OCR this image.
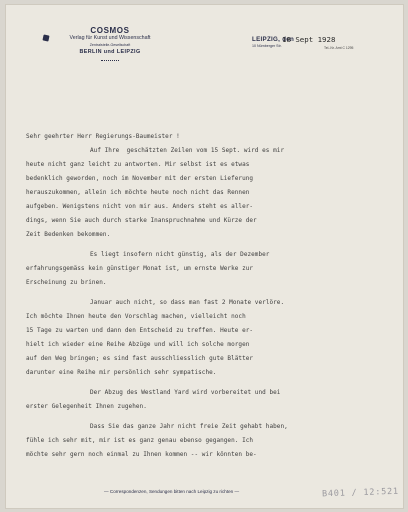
COSMOS
Verlag für Kunst und Wissenschaft
Zentralstelle-Gesellschaft
BERLIN und LEIPZIG
LEIPZIG, den
10 Nürnberger Str.
18 Sept 1928
Tel.-Nr. Amt C 1295

Sehr geehrter Herr Regierungs-Baumeister !

Auf Ihre  geschätzten Zeilen vom 15 Sept. wird es mir

heute nicht ganz leicht zu antworten. Mir selbst ist es etwas

bedenklich geworden, noch im November mit der ersten Lieferung

herauszukommen, allein ich möchte heute noch nicht das Rennen

aufgeben. Wenigstens nicht von mir aus. Anders steht es aller-

dings, wenn Sie auch durch starke Inanspruchnahme und Kürze der

Zeit Bedenken bekommen.

Es liegt insofern nicht günstig, als der Dezember

erfahrungsgemäss kein günstiger Monat ist, um ernste Werke zur

Erscheinung zu brinen.

Januar auch nicht, so dass man fast 2 Monate verlöre.

Ich möchte Ihnen heute den Vorschlag machen, vielleicht noch

15 Tage zu warten und dann den Entscheid zu treffen. Heute er-

hielt ich wieder eine Reihe Abzüge und will ich solche morgen

auf den Weg bringen; es sind fast ausschliesslich gute Blätter

darunter eine Reihe mir persönlich sehr sympatische.

Der Abzug des Westland Yard wird vorbereitet und bei

erster Gelegenheit Ihnen zugehen.

Dass Sie das ganze Jahr nicht freie Zeit gehabt haben,

fühle ich sehr mit, mir ist es ganz genau ebenso gegangen. Ich

möchte sehr gern noch einmal zu Ihnen kommen -- wir könnten be-

— Correspondenzen, Sendungen bitten nach Leipzig zu richten —	B401 / 12:521
